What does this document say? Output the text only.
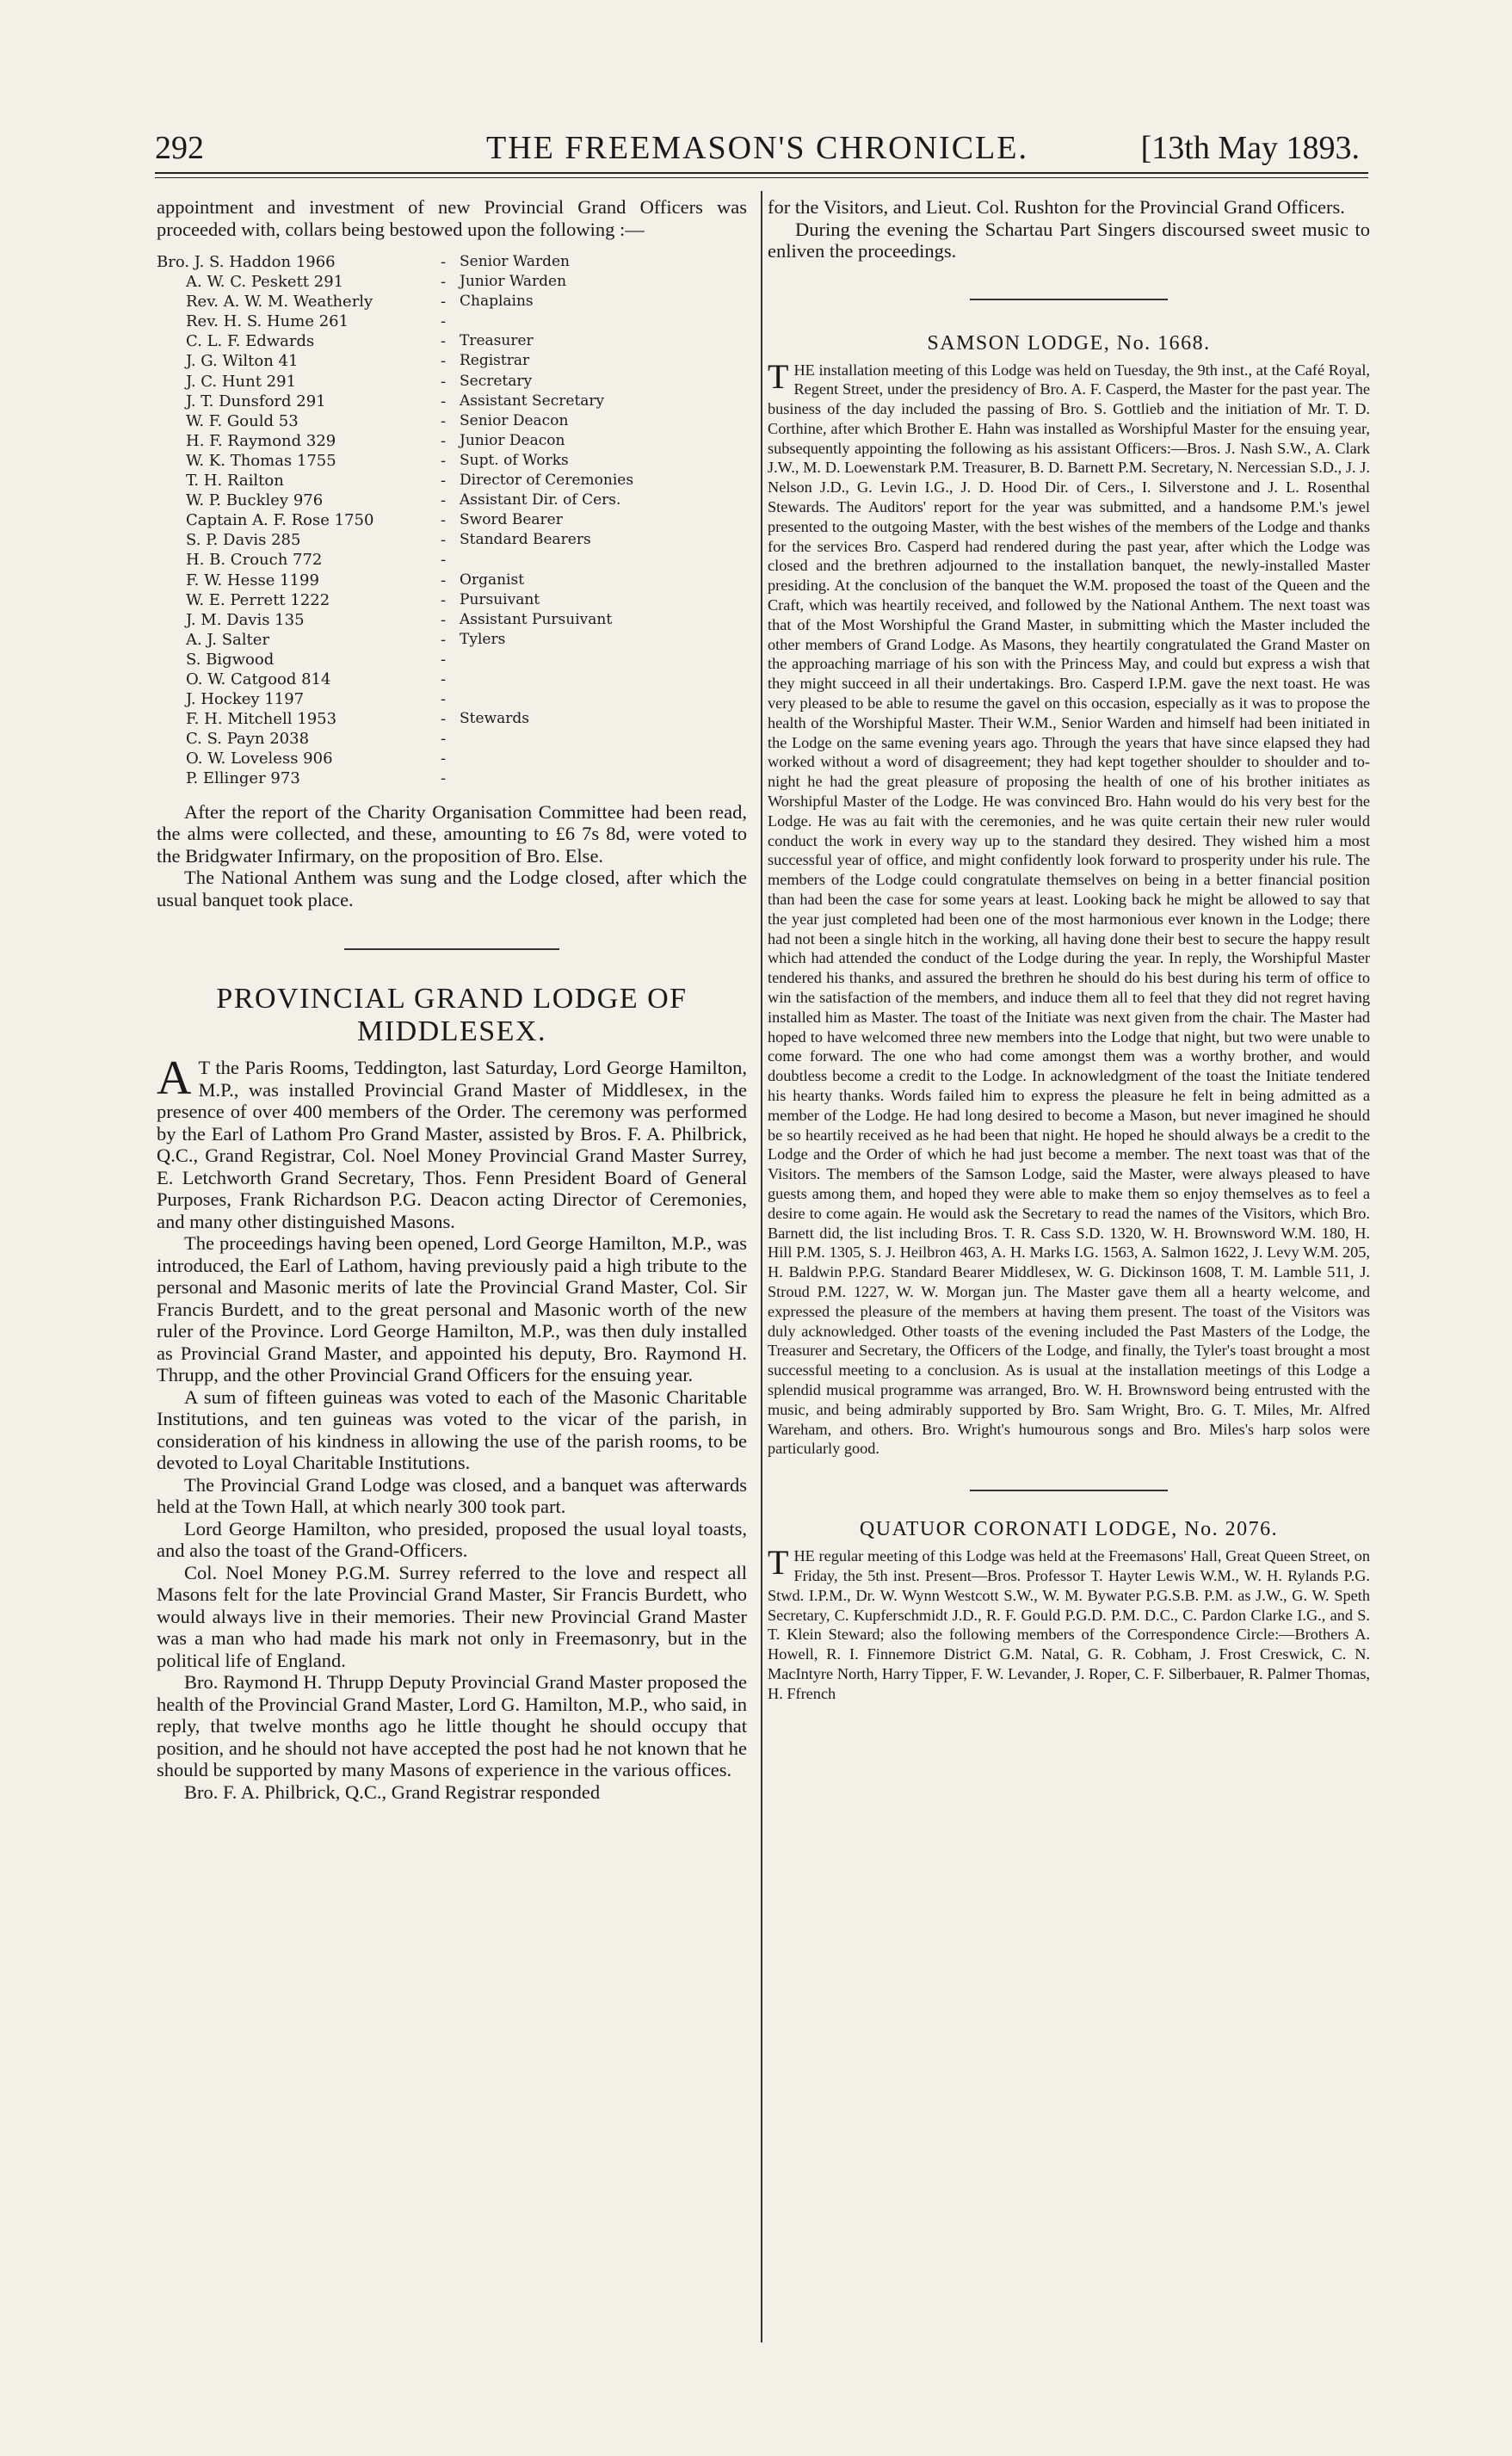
292	THE FREEMASON'S CHRONICLE.	[13th May 1893.

appointment and investment of new Provincial Grand Officers was proceeded with, collars being bestowed upon the following :—

Bro. J. S. Haddon 1966	- Senior Warden
A. W. C. Peskett 291	- Junior Warden
Rev. A. W. M. Weatherly	- Chaplains
Rev. H. S. Hume 261	-
C. L. F. Edwards	- Treasurer
J. G. Wilton 41	- Registrar
J. C. Hunt 291	- Secretary
J. T. Dunsford 291	- Assistant Secretary
W. F. Gould 53	- Senior Deacon
H. F. Raymond 329	- Junior Deacon
W. K. Thomas 1755	- Supt. of Works
T. H. Railton	- Director of Ceremonies
W. P. Buckley 976	- Assistant Dir. of Cers.
Captain A. F. Rose 1750	- Sword Bearer
S. P. Davis 285	- Standard Bearers
H. B. Crouch 772	-
F. W. Hesse 1199	- Organist
W. E. Perrett 1222	- Pursuivant
J. M. Davis 135	- Assistant Pursuivant
A. J. Salter	- Tylers
S. Bigwood	-
O. W. Catgood 814	-
J. Hockey 1197	-
F. H. Mitchell 1953	- Stewards
C. S. Payn 2038	-
O. W. Loveless 906	-
P. Ellinger 973	-

After the report of the Charity Organisation Committee had been read, the alms were collected, and these, amounting to £6 7s 8d, were voted to the Bridgwater Infirmary, on the proposition of Bro. Else.

The National Anthem was sung and the Lodge closed, after which the usual banquet took place.

PROVINCIAL GRAND LODGE OF
MIDDLESEX.

A T the Paris Rooms, Teddington, last Saturday, Lord George Hamilton, M.P., was installed Provincial Grand Master of Middlesex, in the presence of over 400 members of the Order. The ceremony was performed by the Earl of Lathom Pro Grand Master, assisted by Bros. F. A. Philbrick, Q.C., Grand Registrar, Col. Noel Money Provincial Grand Master Surrey, E. Letchworth Grand Secretary, Thos. Fenn President Board of General Purposes, Frank Richardson P.G. Deacon acting Director of Ceremonies, and many other distinguished Masons.

The proceedings having been opened, Lord George Hamilton, M.P., was introduced, the Earl of Lathom, having previously paid a high tribute to the personal and Masonic merits of late the Provincial Grand Master, Col. Sir Francis Burdett, and to the great personal and Masonic worth of the new ruler of the Province. Lord George Hamilton, M.P., was then duly installed as Provincial Grand Master, and appointed his deputy, Bro. Raymond H. Thrupp, and the other Provincial Grand Officers for the ensuing year.

A sum of fifteen guineas was voted to each of the Masonic Charitable Institutions, and ten guineas was voted to the vicar of the parish, in consideration of his kindness in allowing the use of the parish rooms, to be devoted to Loyal Charitable Institutions.

The Provincial Grand Lodge was closed, and a banquet was afterwards held at the Town Hall, at which nearly 300 took part.

Lord George Hamilton, who presided, proposed the usual loyal toasts, and also the toast of the Grand-Officers.

Col. Noel Money P.G.M. Surrey referred to the love and respect all Masons felt for the late Provincial Grand Master, Sir Francis Burdett, who would always live in their memories. Their new Provincial Grand Master was a man who had made his mark not only in Freemasonry, but in the political life of England.

Bro. Raymond H. Thrupp Deputy Provincial Grand Master proposed the health of the Provincial Grand Master, Lord G. Hamilton, M.P., who said, in reply, that twelve months ago he little thought he should occupy that position, and he should not have accepted the post had he not known that he should be supported by many Masons of experience in the various offices.

Bro. F. A. Philbrick, Q.C., Grand Registrar responded

for the Visitors, and Lieut. Col. Rushton for the Provincial Grand Officers.

During the evening the Schartau Part Singers discoursed sweet music to enliven the proceedings.

SAMSON LODGE, No. 1668.

THE installation meeting of this Lodge was held on Tuesday, the 9th inst., at the Café Royal, Regent Street, under the presidency of Bro. A. F. Casperd, the Master for the past year. The business of the day included the passing of Bro. S. Gottlieb and the initiation of Mr. T. D. Corthine, after which Brother E. Hahn was installed as Worshipful Master for the ensuing year, subsequently appointing the following as his assistant Officers:—Bros. J. Nash S.W., A. Clark J.W., M. D. Loewenstark P.M. Treasurer, B. D. Barnett P.M. Secretary, N. Nercessian S.D., J. J. Nelson J.D., G. Levin I.G., J. D. Hood Dir. of Cers., I. Silverstone and J. L. Rosenthal Stewards. The Auditors' report for the year was submitted, and a handsome P.M.'s jewel presented to the outgoing Master, with the best wishes of the members of the Lodge and thanks for the services Bro. Casperd had rendered during the past year, after which the Lodge was closed and the brethren adjourned to the installation banquet, the newly-installed Master presiding. At the conclusion of the banquet the W.M. proposed the toast of the Queen and the Craft, which was heartily received, and followed by the National Anthem. The next toast was that of the Most Worshipful the Grand Master, in submitting which the Master included the other members of Grand Lodge. As Masons, they heartily congratulated the Grand Master on the approaching marriage of his son with the Princess May, and could but express a wish that they might succeed in all their undertakings. Bro. Casperd I.P.M. gave the next toast. He was very pleased to be able to resume the gavel on this occasion, especially as it was to propose the health of the Worshipful Master. Their W.M., Senior Warden and himself had been initiated in the Lodge on the same evening years ago. Through the years that have since elapsed they had worked without a word of disagreement; they had kept together shoulder to shoulder and to-night he had the great pleasure of proposing the health of one of his brother initiates as Worshipful Master of the Lodge. He was convinced Bro. Hahn would do his very best for the Lodge. He was au fait with the ceremonies, and he was quite certain their new ruler would conduct the work in every way up to the standard they desired. They wished him a most successful year of office, and might confidently look forward to prosperity under his rule. The members of the Lodge could congratulate themselves on being in a better financial position than had been the case for some years at least. Looking back he might be allowed to say that the year just completed had been one of the most harmonious ever known in the Lodge; there had not been a single hitch in the working, all having done their best to secure the happy result which had attended the conduct of the Lodge during the year. In reply, the Worshipful Master tendered his thanks, and assured the brethren he should do his best during his term of office to win the satisfaction of the members, and induce them all to feel that they did not regret having installed him as Master. The toast of the Initiate was next given from the chair. The Master had hoped to have welcomed three new members into the Lodge that night, but two were unable to come forward. The one who had come amongst them was a worthy brother, and would doubtless become a credit to the Lodge. In acknowledgment of the toast the Initiate tendered his hearty thanks. Words failed him to express the pleasure he felt in being admitted as a member of the Lodge. He had long desired to become a Mason, but never imagined he should be so heartily received as he had been that night. He hoped he should always be a credit to the Lodge and the Order of which he had just become a member. The next toast was that of the Visitors. The members of the Samson Lodge, said the Master, were always pleased to have guests among them, and hoped they were able to make them so enjoy themselves as to feel a desire to come again. He would ask the Secretary to read the names of the Visitors, which Bro. Barnett did, the list including Bros. T. R. Cass S.D. 1320, W. H. Brownsword W.M. 180, H. Hill P.M. 1305, S. J. Heilbron 463, A. H. Marks I.G. 1563, A. Salmon 1622, J. Levy W.M. 205, H. Baldwin P.P.G. Standard Bearer Middlesex, W. G. Dickinson 1608, T. M. Lamble 511, J. Stroud P.M. 1227, W. W. Morgan jun. The Master gave them all a hearty welcome, and expressed the pleasure of the members at having them present. The toast of the Visitors was duly acknowledged. Other toasts of the evening included the Past Masters of the Lodge, the Treasurer and Secretary, the Officers of the Lodge, and finally, the Tyler's toast brought a most successful meeting to a conclusion. As is usual at the installation meetings of this Lodge a splendid musical programme was arranged, Bro. W. H. Brownsword being entrusted with the music, and being admirably supported by Bro. Sam Wright, Bro. G. T. Miles, Mr. Alfred Wareham, and others. Bro. Wright's humourous songs and Bro. Miles's harp solos were particularly good.

QUATUOR CORONATI LODGE, No. 2076.

THE regular meeting of this Lodge was held at the Freemasons' Hall, Great Queen Street, on Friday, the 5th inst. Present—Bros. Professor T. Hayter Lewis W.M., W. H. Rylands P.G. Stwd. I.P.M., Dr. W. Wynn Westcott S.W., W. M. Bywater P.G.S.B. P.M. as J.W., G. W. Speth Secretary, C. Kupferschmidt J.D., R. F. Gould P.G.D. P.M. D.C., C. Pardon Clarke I.G., and S. T. Klein Steward; also the following members of the Correspondence Circle:—Brothers A. Howell, R. I. Finnemore District G.M. Natal, G. R. Cobham, J. Frost Creswick, C. N. MacIntyre North, Harry Tipper, F. W. Levander, J. Roper, C. F. Silberbauer, R. Palmer Thomas, H. Ffrench
